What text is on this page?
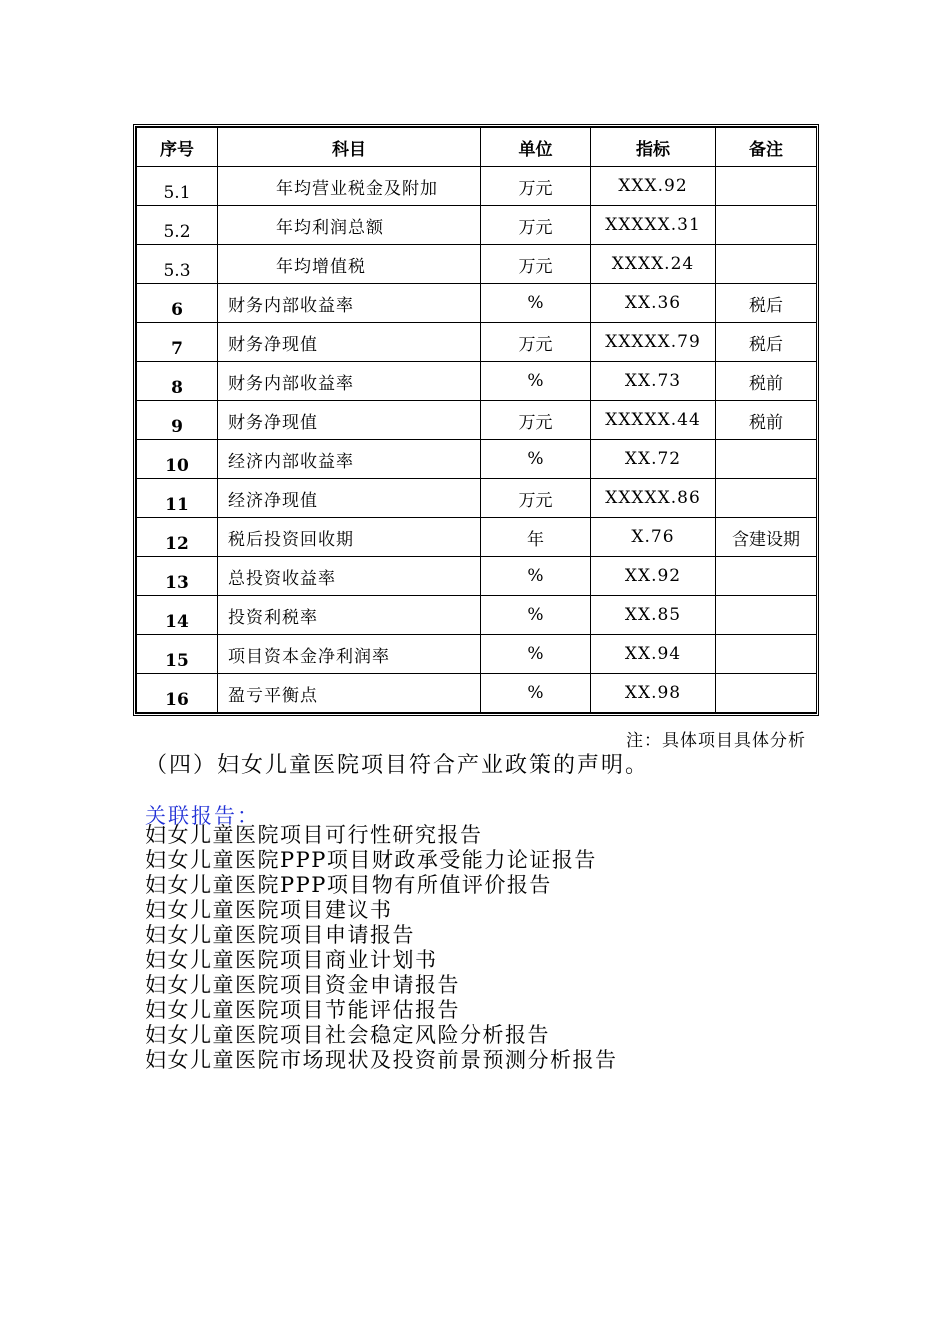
序号	科目	单位	指标	备注
5.1	年均营业税金及附加	万元	XXX.92	
5.2	年均利润总额	万元	XXXXX.31	
5.3	年均增值税	万元	XXXX.24	
6	财务内部收益率	%	XX.36	税后
7	财务净现值	万元	XXXXX.79	税后
8	财务内部收益率	%	XX.73	税前
9	财务净现值	万元	XXXXX.44	税前
10	经济内部收益率	%	XX.72	
11	经济净现值	万元	XXXXX.86	
12	税后投资回收期	年	X.76	含建设期
13	总投资收益率	%	XX.92	
14	投资利税率	%	XX.85	
15	项目资本金净利润率	%	XX.94	
16	盈亏平衡点	%	XX.98	
注：具体项目具体分析
（四）妇女儿童医院项目符合产业政策的声明。
关联报告：
妇女儿童医院项目可行性研究报告
妇女儿童医院PPP项目财政承受能力论证报告
妇女儿童医院PPP项目物有所值评价报告
妇女儿童医院项目建议书
妇女儿童医院项目申请报告
妇女儿童医院项目商业计划书
妇女儿童医院项目资金申请报告
妇女儿童医院项目节能评估报告
妇女儿童医院项目社会稳定风险分析报告
妇女儿童医院市场现状及投资前景预测分析报告
